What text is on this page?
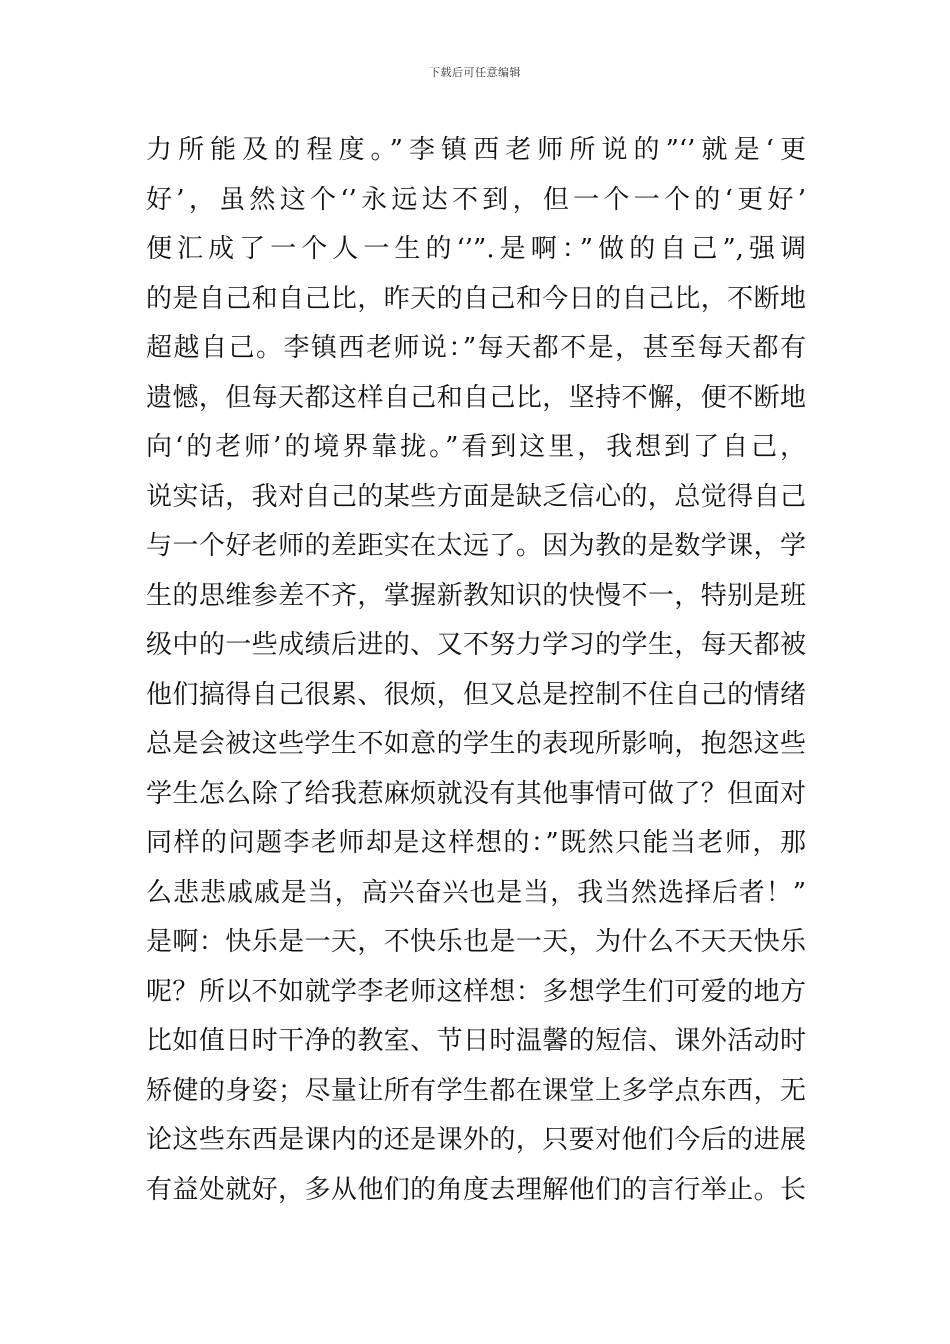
下载后可任意编辑
力所能及的程度。”李镇西老师所说的”‘’就是‘更
好’，虽然这个‘’永远达不到，但一个一个的‘更好’
便汇成了一个人一生的‘’”.是啊：”做的自己”,强调
的是自己和自己比，昨天的自己和今日的自己比，不断地
超越自己。李镇西老师说：”每天都不是，甚至每天都有
遗憾，但每天都这样自己和自己比，坚持不懈，便不断地
向‘的老师’的境界靠拢。”看到这里，我想到了自己，
说实话，我对自己的某些方面是缺乏信心的，总觉得自己
与一个好老师的差距实在太远了。因为教的是数学课，学
生的思维参差不齐，掌握新教知识的快慢不一，特别是班
级中的一些成绩后进的、又不努力学习的学生，每天都被
他们搞得自己很累、很烦，但又总是控制不住自己的情绪
总是会被这些学生不如意的学生的表现所影响，抱怨这些
学生怎么除了给我惹麻烦就没有其他事情可做了？但面对
同样的问题李老师却是这样想的：”既然只能当老师，那
么悲悲戚戚是当，高兴奋兴也是当，我当然选择后者！”
是啊：快乐是一天，不快乐也是一天，为什么不天天快乐
呢？所以不如就学李老师这样想：多想学生们可爱的地方
比如值日时干净的教室、节日时温馨的短信、课外活动时
矫健的身姿；尽量让所有学生都在课堂上多学点东西，无
论这些东西是课内的还是课外的，只要对他们今后的进展
有益处就好，多从他们的角度去理解他们的言行举止。长
